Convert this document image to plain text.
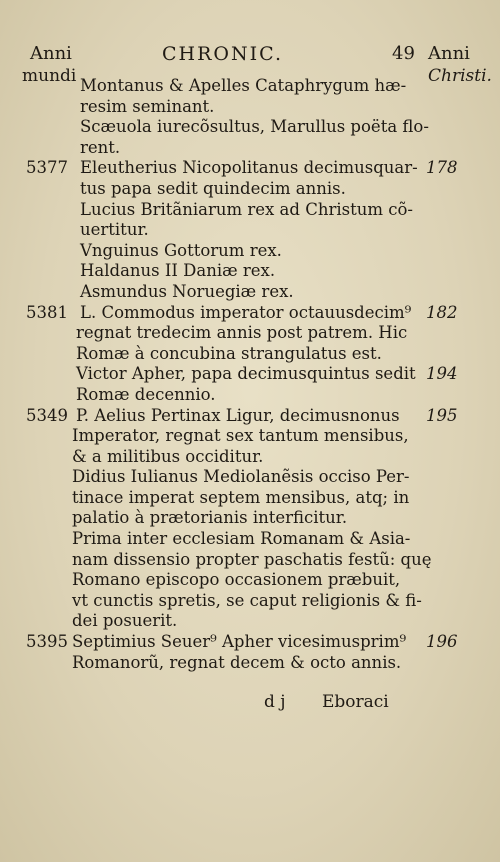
Anni	CHRONIC.	49 Anni
mundi	Christi.
Montanus & Apelles Cataphrygum hæ-
resim seminant.
Scæuola iurecõsultus, Marullus poëta flo-
rent.
5377 Eleutherius Nicopolitanus decimusquar- 178
tus papa sedit quindecim annis.
Lucius Britãniarum rex ad Christum cõ-
uertitur.
Vnguinus Gottorum rex.
Haldanus II Daniæ rex.
Asmundus Noruegiæ rex.
5381 L. Commodus imperator octauusdecim⁹ 182
regnat tredecim annis post patrem. Hic
Romæ à concubina strangulatus est.
Victor Apher, papa decimusquintus sedit 194
Romæ decennio.
5349 P. Aelius Pertinax Ligur, decimusnonus 195
Imperator, regnat sex tantum mensibus,
& a militibus occiditur.
Didius Iulianus Mediolanẽsis occiso Per-
tinace imperat septem mensibus, atq; in
palatio à prætorianis interficitur.
Prima inter ecclesiam Romanam & Asia-
nam dissensio propter paschatis festũ: quę
Romano episcopo occasionem præbuit,
vt cunctis spretis, se caput religionis & fi-
dei posuerit.
5395 Septimius Seuer⁹ Apher vicesimusprim⁹ 196
Romanorũ, regnat decem & octo annis.
d j Eboraci
